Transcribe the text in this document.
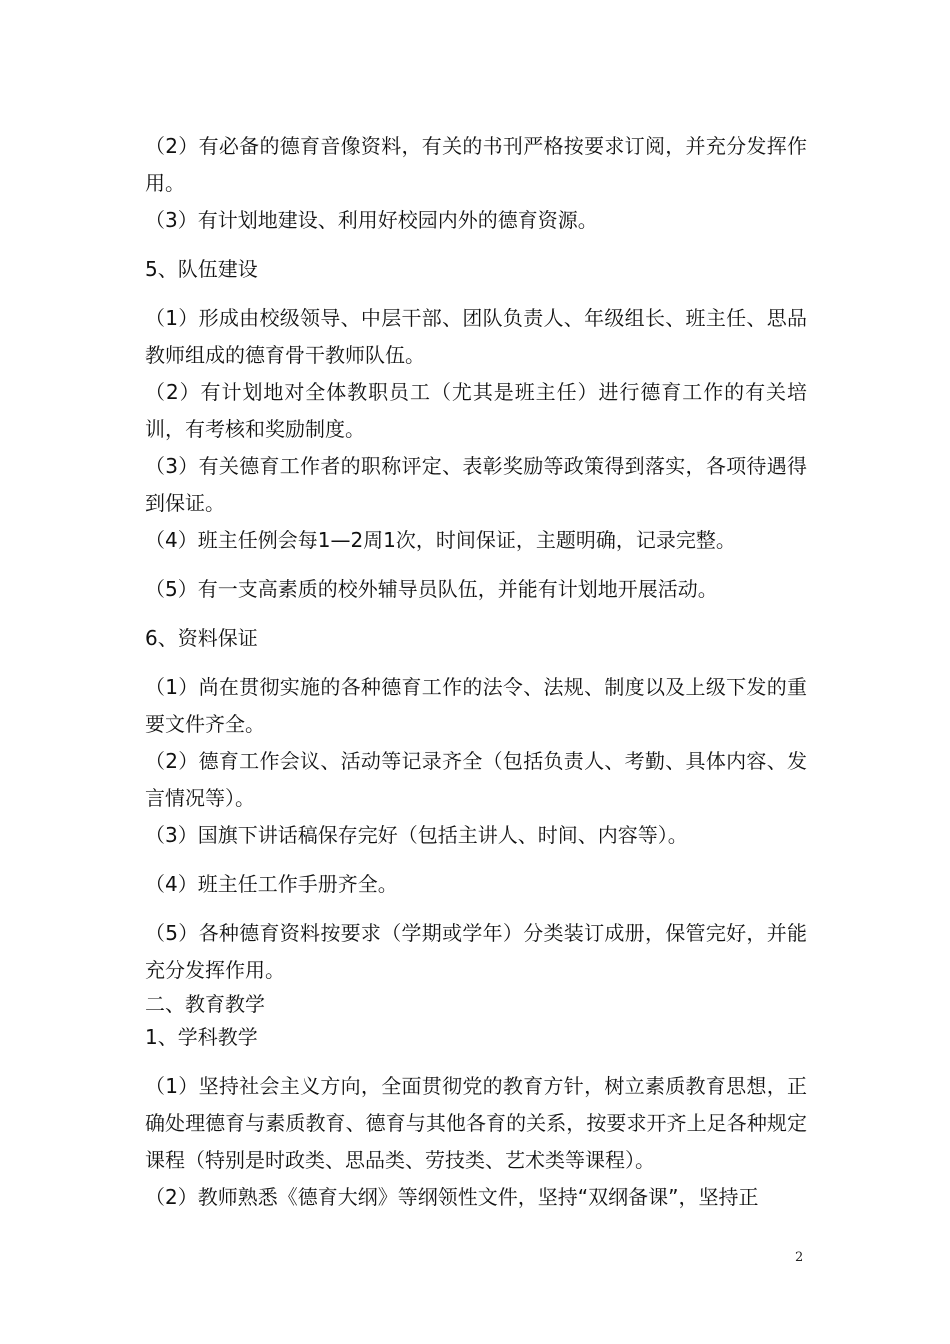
（2）有必备的德育音像资料，有关的书刊严格按要求订阅，并充分发挥作用。

（3）有计划地建设、利用好校园内外的德育资源。

5、队伍建设

（1）形成由校级领导、中层干部、团队负责人、年级组长、班主任、思品教师组成的德育骨干教师队伍。

（2）有计划地对全体教职员工（尤其是班主任）进行德育工作的有关培训，有考核和奖励制度。

（3）有关德育工作者的职称评定、表彰奖励等政策得到落实，各项待遇得到保证。

（4）班主任例会每1—2周1次，时间保证，主题明确，记录完整。

（5）有一支高素质的校外辅导员队伍，并能有计划地开展活动。

6、资料保证

（1）尚在贯彻实施的各种德育工作的法令、法规、制度以及上级下发的重要文件齐全。

（2）德育工作会议、活动等记录齐全（包括负责人、考勤、具体内容、发言情况等）。

（3）国旗下讲话稿保存完好（包括主讲人、时间、内容等）。

（4）班主任工作手册齐全。

（5）各种德育资料按要求（学期或学年）分类装订成册，保管完好，并能充分发挥作用。

二、教育教学

1、学科教学

（1）坚持社会主义方向，全面贯彻党的教育方针，树立素质教育思想，正确处理德育与素质教育、德育与其他各育的关系，按要求开齐上足各种规定课程（特别是时政类、思品类、劳技类、艺术类等课程）。

（2）教师熟悉《德育大纲》等纲领性文件，坚持“双纲备课”，坚持正

2
